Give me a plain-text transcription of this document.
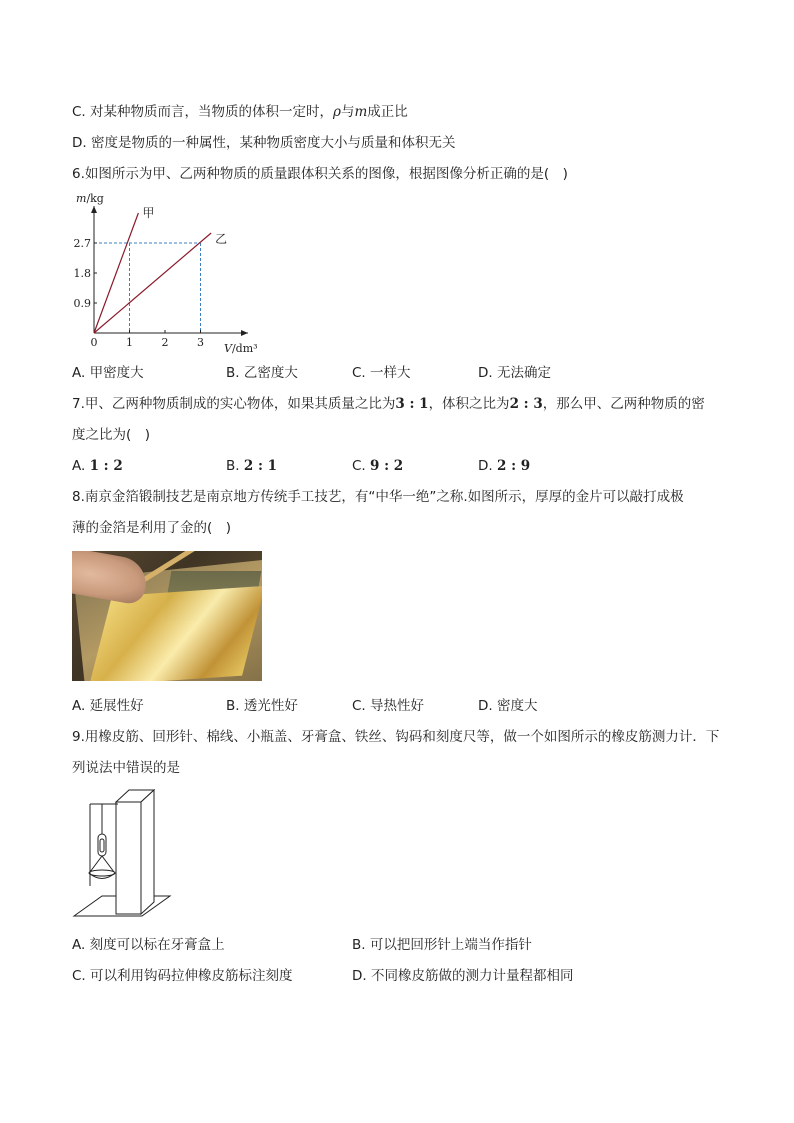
C. 对某种物质而言，当物质的体积一定时，ρ与m成正比
D. 密度是物质的一种属性，某种物质密度大小与质量和体积无关
6.如图所示为甲、乙两种物质的质量跟体积关系的图像，根据图像分析正确的是(　)
甲
乙
0.9
1.8
2.7
1	2	3
0
m/kg
V/dm³
A. 甲密度大	B. 乙密度大	C. 一样大	D. 无法确定
7.甲、乙两种物质制成的实心物体，如果其质量之比为3 : 1，体积之比为2 : 3，那么甲、乙两种物质的密
度之比为(　)
A. 1 : 2	B. 2 : 1	C. 9 : 2	D. 2 : 9
8.南京金箔锻制技艺是南京地方传统手工技艺，有“中华一绝”之称.如图所示，厚厚的金片可以敲打成极
薄的金箔是利用了金的(　)
A. 延展性好	B. 透光性好	C. 导热性好	D. 密度大
9.用橡皮筋、回形针、棉线、小瓶盖、牙膏盒、铁丝、钩码和刻度尺等，做一个如图所示的橡皮筋测力计．下
列说法中错误的是
A. 刻度可以标在牙膏盒上	B. 可以把回形针上端当作指针
C. 可以利用钩码拉伸橡皮筋标注刻度	D. 不同橡皮筋做的测力计量程都相同
